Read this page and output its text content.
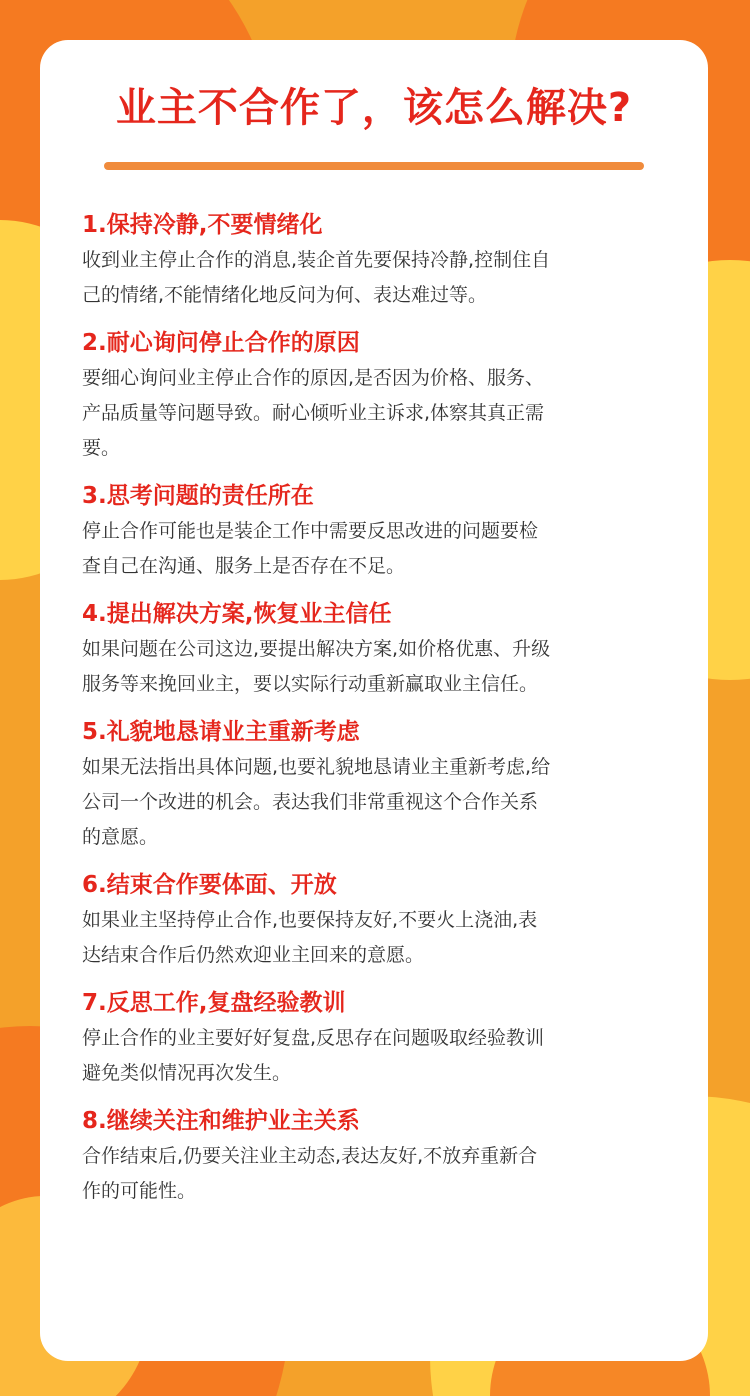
业主不合作了，该怎么解决?

1.保持冷静,不要情绪化

收到业主停止合作的消息,装企首先要保持冷静,控制住自

己的情绪,不能情绪化地反问为何、表达难过等。

2.耐心询问停止合作的原因

要细心询问业主停止合作的原因,是否因为价格、服务、

产品质量等问题导致。耐心倾听业主诉求,体察其真正需

要。

3.思考问题的责任所在

停止合作可能也是装企工作中需要反思改进的问题要检

查自己在沟通、服务上是否存在不足。

4.提出解决方案,恢复业主信任

如果问题在公司这边,要提出解决方案,如价格优惠、升级

服务等来挽回业主，要以实际行动重新赢取业主信任。

5.礼貌地恳请业主重新考虑

如果无法指出具体问题,也要礼貌地恳请业主重新考虑,给

公司一个改进的机会。表达我们非常重视这个合作关系

的意愿。

6.结束合作要体面、开放

如果业主坚持停止合作,也要保持友好,不要火上浇油,表

达结束合作后仍然欢迎业主回来的意愿。

7.反思工作,复盘经验教训

停止合作的业主要好好复盘,反思存在问题吸取经验教训

避免类似情况再次发生。

8.继续关注和维护业主关系

合作结束后,仍要关注业主动态,表达友好,不放弃重新合

作的可能性。
